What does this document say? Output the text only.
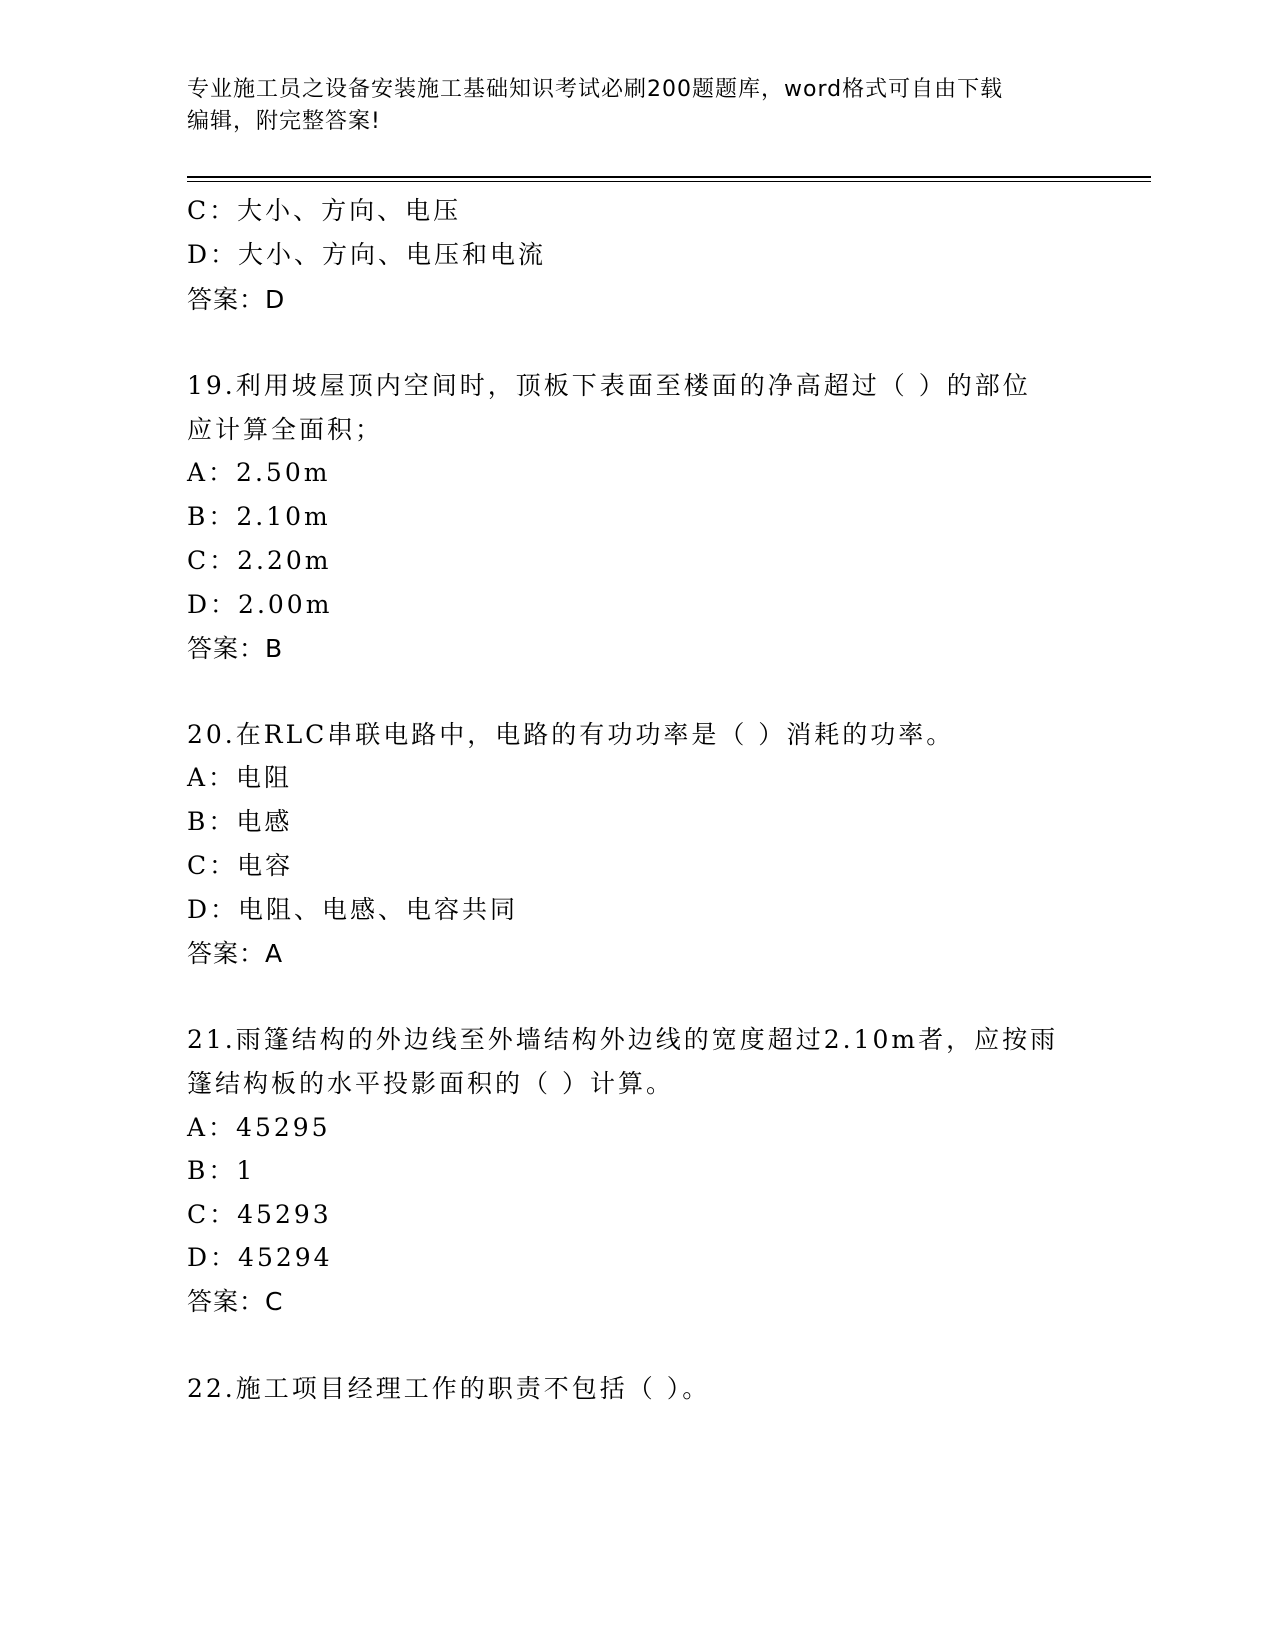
专业施工员之设备安装施工基础知识考试必刷200题题库，word格式可自由下载
编辑，附完整答案!
C：大小、方向、电压
D：大小、方向、电压和电流
答案：D
19.利用坡屋顶内空间时，顶板下表面至楼面的净高超过（ ）的部位
应计算全面积；
A：2.50m
B：2.10m
C：2.20m
D：2.00m
答案：B
20.在RLC串联电路中，电路的有功功率是（ ）消耗的功率。
A：电阻
B：电感
C：电容
D：电阻、电感、电容共同
答案：A
21.雨篷结构的外边线至外墙结构外边线的宽度超过2.10m者，应按雨
篷结构板的水平投影面积的（ ）计算。
A：45295
B：1
C：45293
D：45294
答案：C
22.施工项目经理工作的职责不包括（ ）。
